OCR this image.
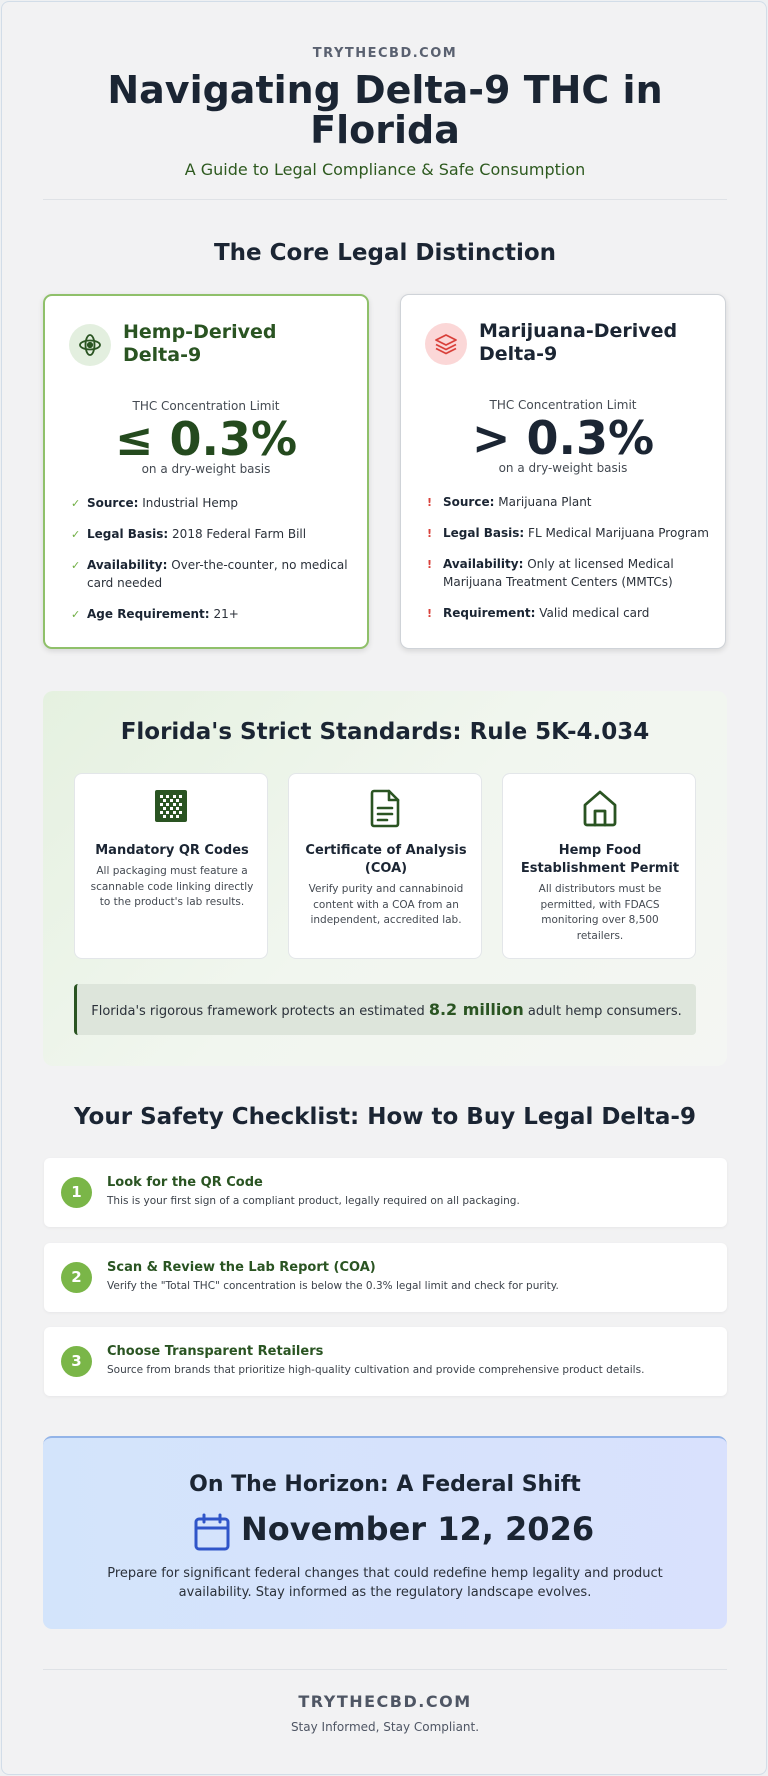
TRYTHECBD.COM
Navigating Delta-9 THC in Florida
A Guide to Legal Compliance & Safe Consumption
The Core Legal Distinction
Hemp-Derived
Delta-9
THC Concentration Limit
≤ 0.3%
on a dry-weight basis
✓ Source: Industrial Hemp
✓ Legal Basis: 2018 Federal Farm Bill
✓ Availability: Over-the-counter, no medical card needed
✓ Age Requirement: 21+
Marijuana-Derived
Delta-9
THC Concentration Limit
> 0.3%
on a dry-weight basis
! Source: Marijuana Plant
! Legal Basis: FL Medical Marijuana Program
! Availability: Only at licensed Medical Marijuana Treatment Centers (MMTCs)
! Requirement: Valid medical card
Florida's Strict Standards: Rule 5K-4.034
Mandatory QR Codes
All packaging must feature a scannable code linking directly to the product's lab results.
Certificate of Analysis
(COA)
Verify purity and cannabinoid content with a COA from an independent, accredited lab.
Hemp Food
Establishment Permit
All distributors must be permitted, with FDACS monitoring over 8,500 retailers.
Florida's rigorous framework protects an estimated 8.2 million adult hemp consumers.
Your Safety Checklist: How to Buy Legal Delta-9
1
Look for the QR Code
This is your first sign of a compliant product, legally required on all packaging.
2
Scan & Review the Lab Report (COA)
Verify the "Total THC" concentration is below the 0.3% legal limit and check for purity.
3
Choose Transparent Retailers
Source from brands that prioritize high-quality cultivation and provide comprehensive product details.
On The Horizon: A Federal Shift
November 12, 2026

Prepare for significant federal changes that could redefine hemp legality and product availability. Stay informed as the regulatory landscape evolves.

TRYTHECBD.COM
Stay Informed, Stay Compliant.
